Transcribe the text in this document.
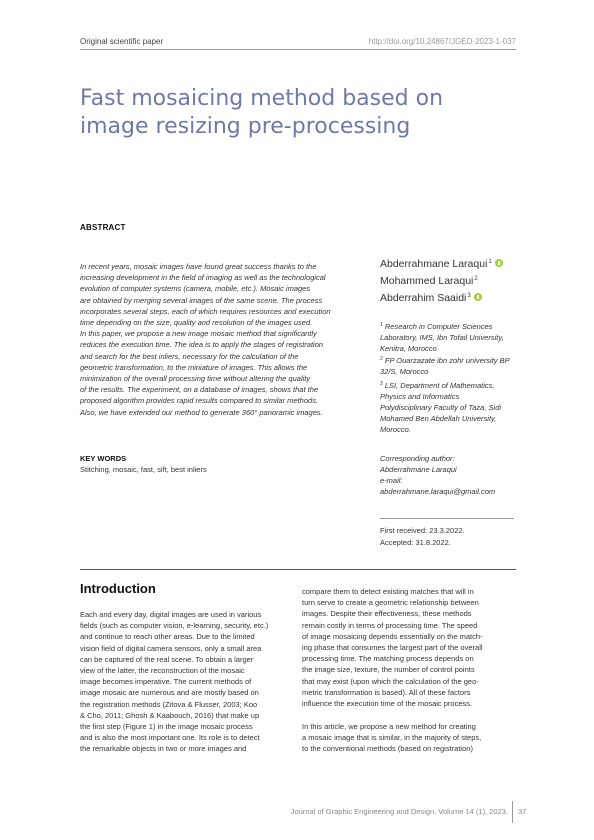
Original scientific paper	http://doi.org/10.24867/JGED-2023-1-037
Fast mosaicing method based on image resizing pre-processing
ABSTRACT

In recent years, mosaic images have found great success thanks to the
increasing development in the field of imaging as well as the technological
evolution of computer systems (camera, mobile, etc.). Mosaic images
are obtained by merging several images of the same scene. The process
incorporates several steps, each of which requires resources and execution
time depending on the size, quality and resolution of the images used.
In this paper, we propose a new image mosaic method that significantly
reduces the execution time. The idea is to apply the stages of registration
and search for the best inliers, necessary for the calculation of the
geometric transformation, to the miniature of images. This allows the
minimization of the overall processing time without altering the quality
of the results. The experiment, on a database of images, shows that the
proposed algorithm provides rapid results compared to similar methods.
Also, we have extended our method to generate 360° panoramic images.

KEY WORDS
Stitching, mosaic, fast, sift, best inliers
Abderrahmane Laraqui$^1$
Mohammed Laraqui$^2$
Abderrahim Saaidi$^3$

$^1$ Research in Computer Sciences
Laboratory, IMS, Ibn Tofail University,
Kenitra, Morocco

$^2$ FP Ouarzazate ibn zohr university BP
32/S, Morocco

$^3$ LSI, Department of Mathematics,
Physics and Informatics
Polydisciplinary Faculty of Taza, Sidi
Mohamed Ben Abdellah University,
Morocco.

Corresponding author:
Abderrahmane Laraqui
e-mail:
abderrahmane.laraqui@gmail.com
First received: 23.3.2022.
Accepted: 31.8.2022.
Introduction

Each and every day, digital images are used in various
fields (such as computer vision, e-learning, security, etc.)
and continue to reach other areas. Due to the limited
vision field of digital camera sensors, only a small area
can be captured of the real scene. To obtain a larger
view of the latter, the reconstruction of the mosaic
image becomes imperative. The current methods of
image mosaic are numerous and are mostly based on
the registration methods (Zitova & Flusser, 2003; Koo
& Cho, 2011; Ghosh & Kaabouch, 2016) that make up
the first step (Figure 1) in the image mosaic process
and is also the most important one. Its role is to detect
the remarkable objects in two or more images and

compare them to detect existing matches that will in
turn serve to create a geometric relationship between
images. Despite their effectiveness, these methods
remain costly in terms of processing time. The speed
of image mosaicing depends essentially on the match-
ing phase that consumes the largest part of the overall
processing time. The matching process depends on
the image size, texture, the number of control points
that may exist (upon which the calculation of the geo-
metric transformation is based). All of these factors
influence the execution time of the mosaic process.

In this article, we propose a new method for creating
a mosaic image that is similar, in the majority of steps,
to the conventional methods (based on registration)

Journal of Graphic Engineering and Design, Volume 14 (1), 2023. 37
